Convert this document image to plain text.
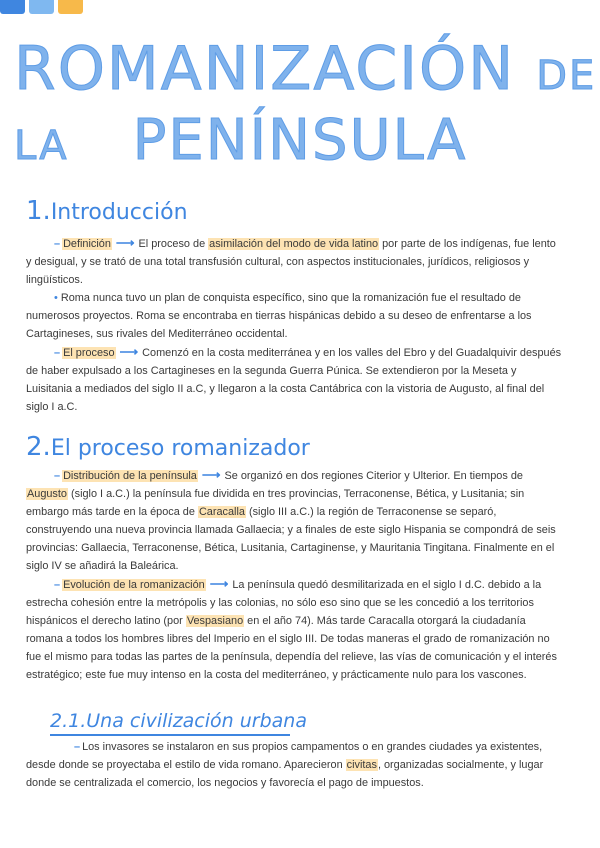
ROMANIZACIÓN DE LA	PENÍNSULA
1.Introducción

– Definición ⟶ El proceso de asimilación del modo de vida latino por parte de los indígenas, fue lento y desigual, y se trató de una total transfusión cultural, con aspectos institucionales, jurídicos, religiosos y lingüísticos.

• Roma nunca tuvo un plan de conquista específico, sino que la romanización fue el resultado de numerosos proyectos. Roma se encontraba en tierras hispánicas debido a su deseo de enfrentarse a los Cartagineses, sus rivales del Mediterráneo occidental.

– El proceso ⟶ Comenzó en la costa mediterránea y en los valles del Ebro y del Guadalquivir después de haber expulsado a los Cartagineses en la segunda Guerra Púnica. Se extendieron por la Meseta y Luisitania a mediados del siglo II a.C, y llegaron a la costa Cantábrica con la vistoria de Augusto, al final del siglo I a.C.

2.El proceso romanizador

– Distribución de la península ⟶ Se organizó en dos regiones Citerior y Ulterior. En tiempos de Augusto (siglo I a.C.) la península fue dividida en tres provincias, Terraconense, Bética, y Lusitania; sin embargo más tarde en la época de Caracalla (siglo III a.C.) la región de Terraconense se separó, construyendo una nueva provincia llamada Gallaecia; y a finales de este siglo Hispania se compondrá de seis provincias: Gallaecia, Terraconense, Bética, Lusitania, Cartaginense, y Mauritania Tingitana. Finalmente en el siglo IV se añadirá la Baleárica.

– Evolución de la romanización ⟶ La península quedó desmilitarizada en el siglo I d.C. debido a la estrecha cohesión entre la metrópolis y las colonias, no sólo eso sino que se les concedió a los territorios hispánicos el derecho latino (por Vespasiano en el año 74). Más tarde Caracalla otorgará la ciudadanía romana a todos los hombres libres del Imperio en el siglo III. De todas maneras el grado de romanización no fue el mismo para todas las partes de la península, dependía del relieve, las vías de comunicación y el interés estratégico; este fue muy intenso en la costa del mediterráneo, y prácticamente nulo para los vascones.

2.1.Una civilización urbana

– Los invasores se instalaron en sus propios campamentos o en grandes ciudades ya existentes, desde donde se proyectaba el estilo de vida romano. Aparecieron civitas, organizadas socialmente, y lugar donde se centralizada el comercio, los negocios y favorecía el pago de impuestos.
